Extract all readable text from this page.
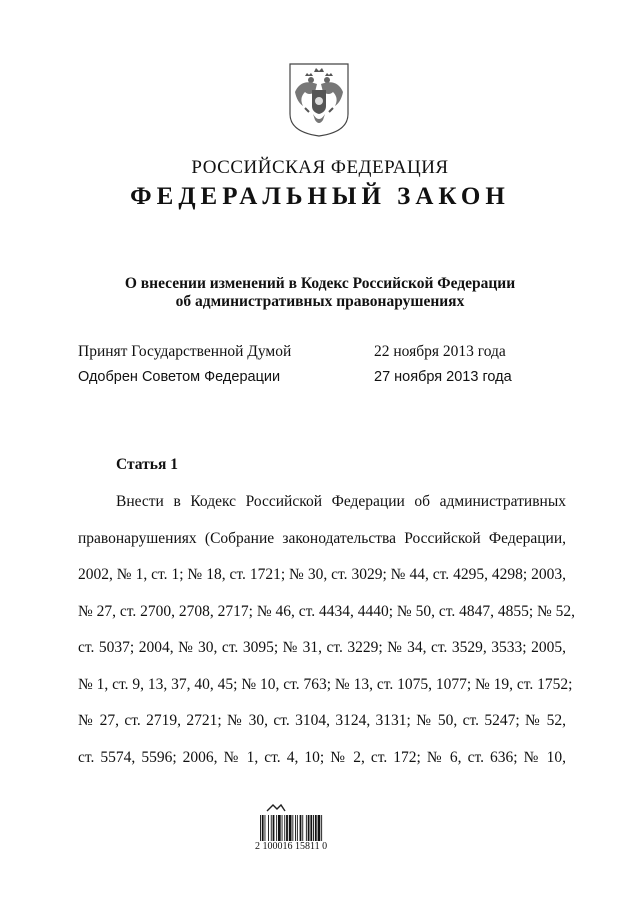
РОССИЙСКАЯ ФЕДЕРАЦИЯ
ФЕДЕРАЛЬНЫЙ ЗАКОН
О внесении изменений в Кодекс Российской Федерации
об административных правонарушениях
Принят Государственной Думой	22 ноября 2013 года
Одобрен Советом Федерации	27 ноября 2013 года
Статья 1
Внести в Кодекс Российской Федерации об административных
правонарушениях (Собрание законодательства Российской Федерации,
2002, № 1, ст. 1; № 18, ст. 1721; № 30, ст. 3029; № 44, ст. 4295, 4298; 2003,
№ 27, ст. 2700, 2708, 2717; № 46, ст. 4434, 4440; № 50, ст. 4847, 4855; № 52,
ст. 5037; 2004, № 30, ст. 3095; № 31, ст. 3229; № 34, ст. 3529, 3533; 2005,
№ 1, ст. 9, 13, 37, 40, 45; № 10, ст. 763; № 13, ст. 1075, 1077; № 19, ст. 1752;
№ 27, ст. 2719, 2721; № 30, ст. 3104, 3124, 3131; № 50, ст. 5247; № 52,
ст. 5574, 5596; 2006, № 1, ст. 4, 10; № 2, ст. 172; № 6, ст. 636; № 10,
2 100016 15811 0
